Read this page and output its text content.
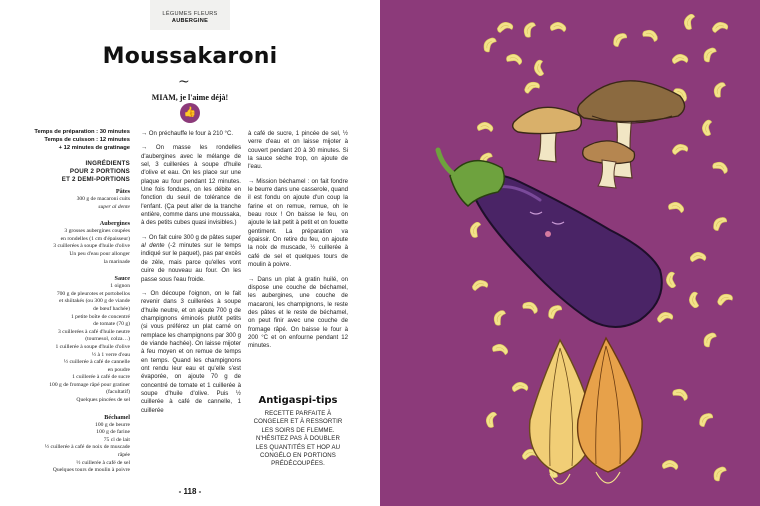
LÉGUMES FLEURS
AUBERGINE
Moussakaroni
~
MIAM, je l'aime déjà!
👍
Temps de préparation : 30 minutes
Temps de cuisson : 12 minutes
+ 12 minutes de gratinage
INGRÉDIENTS
POUR 2 PORTIONS
ET 2 DEMI-PORTIONS
Pâtes
300 g de macaroni cuits
super al dente
Aubergines
3 grosses aubergines coupées
en rondelles (1 cm d'épaisseur)
3 cuillerées à soupe d'huile d'olive
Un peu d'eau pour allonger
la marinade
Sauce
1 oignon
700 g de pleurotes et portobellos
et shiitakés (ou 300 g de viande
de bœuf hachée)
1 petite boîte de concentré
de tomate (70 g)
3 cuillerées à café d'huile neutre
(tournesol, colza…)
1 cuillerée à soupe d'huile d'olive
½ à 1 verre d'eau
½ cuillerée à café de cannelle
en poudre
1 cuillerée à café de sucre
100 g de fromage râpé pour gratiner
(facultatif)
Quelques pincées de sel
Béchamel
100 g de beurre
100 g de farine
75 cl de lait
½ cuillerée à café de noix de muscade
râpée
½ cuillerée à café de sel
Quelques tours de moulin à poivre

→ On préchauffe le four à 210 °C.

→ On masse les rondelles d'aubergines avec le mélange de sel, 3 cuillerées à soupe d'huile d'olive et eau. On les place sur une plaque au four pendant 12 minutes. Une fois fondues, on les débite en fonction du seuil de tolérance de l'enfant. (Ça peut aller de la tranche entière, comme dans une moussaka, à des petits cubes quasi invisibles.)

→ On fait cuire 300 g de pâtes super al dente (-2 minutes sur le temps indiqué sur le paquet), pas par excès de zèle, mais parce qu'elles vont cuire de nouveau au four. On les passe sous l'eau froide.

→ On découpe l'oignon, on le fait revenir dans 3 cuillerées à soupe d'huile neutre, et on ajoute 700 g de champignons émincés plutôt petits (si vous préférez un plat carné on remplace les champignons par 300 g de viande hachée). On laisse mijoter à feu moyen et on remue de temps en temps. Quand les champignons ont rendu leur eau et qu'elle s'est évaporée, on ajoute 70 g de concentré de tomate et 1 cuillerée à soupe d'huile d'olive. Puis ½ cuillerée à café de cannelle, 1 cuillerée

à café de sucre, 1 pincée de sel, ½ verre d'eau et on laisse mijoter à couvert pendant 20 à 30 minutes. Si la sauce sèche trop, on ajoute de l'eau.

→ Mission béchamel : on fait fondre le beurre dans une casserole, quand il est fondu on ajoute d'un coup la farine et on remue, remue, oh le beau roux ! On baisse le feu, on ajoute le lait petit à petit et on fouette gentiment. La préparation va épaissir. On retire du feu, on ajoute la noix de muscade, ½ cuillerée à café de sel et quelques tours de moulin à poivre.

→ Dans un plat à gratin huilé, on dispose une couche de béchamel, les aubergines, une couche de macaroni, les champignons, le reste des pâtes et le reste de béchamel, on peut finir avec une couche de fromage râpé. On baisse le four à 200 °C et on enfourne pendant 12 minutes.

Antigaspi-tips
RECETTE PARFAITE À
CONGELER ET À RESSORTIR
LES SOIRS DE FLEMME.
N'HÉSITEZ PAS À DOUBLER
LES QUANTITÉS ET HOP AU
CONGÉLO EN PORTIONS
PRÉDÉCOUPÉES.
- 118 -
